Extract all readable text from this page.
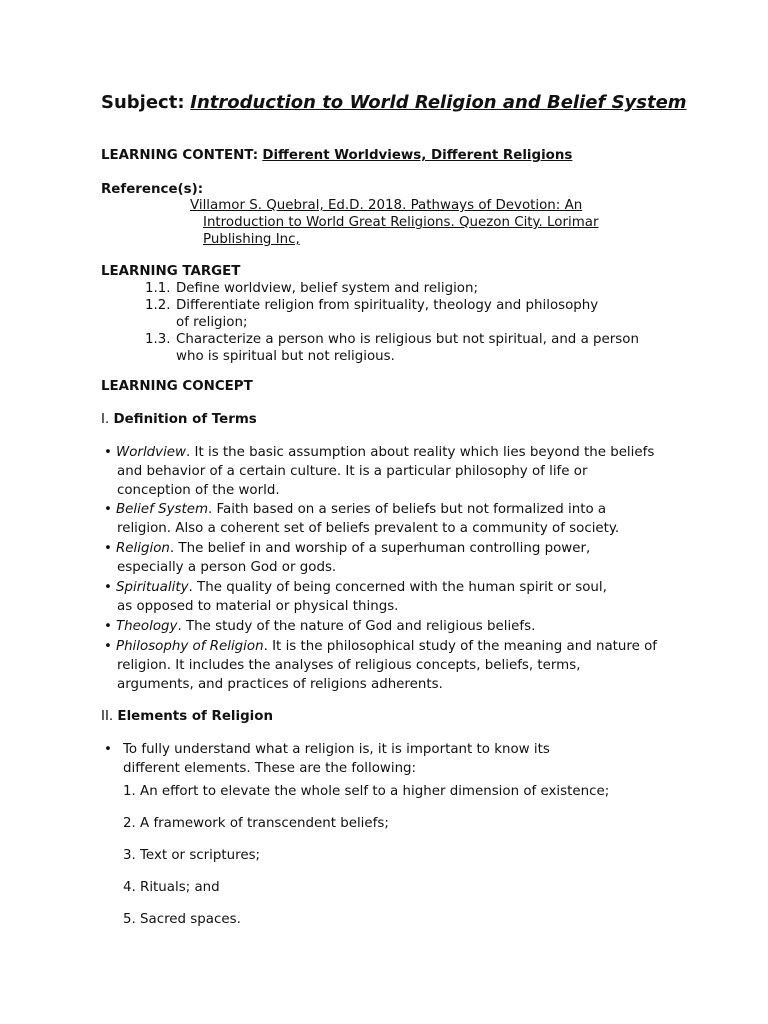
Subject: Introduction to World Religion and Belief System
LEARNING CONTENT: Different Worldviews, Different Religions
Reference(s):
Villamor S. Quebral, Ed.D. 2018. Pathways of Devotion: An
Introduction to World Great Religions. Quezon City. Lorimar
Publishing Inc,
LEARNING TARGET
1.1. Define worldview, belief system and religion;
1.2. Differentiate religion from spirituality, theology and philosophy
of religion;
1.3. Characterize a person who is religious but not spiritual, and a person
who is spiritual but not religious.
LEARNING CONCEPT
I. Definition of Terms
• Worldview. It is the basic assumption about reality which lies beyond the beliefs
and behavior of a certain culture. It is a particular philosophy of life or
conception of the world.
• Belief System. Faith based on a series of beliefs but not formalized into a
religion. Also a coherent set of beliefs prevalent to a community of society.
• Religion. The belief in and worship of a superhuman controlling power,
especially a person God or gods.
• Spirituality. The quality of being concerned with the human spirit or soul,
as opposed to material or physical things.
• Theology. The study of the nature of God and religious beliefs.
• Philosophy of Religion. It is the philosophical study of the meaning and nature of
religion. It includes the analyses of religious concepts, beliefs, terms,
arguments, and practices of religions adherents.
II. Elements of Religion
• To fully understand what a religion is, it is important to know its
different elements. These are the following:
1. An effort to elevate the whole self to a higher dimension of existence;
2. A framework of transcendent beliefs;
3. Text or scriptures;
4. Rituals; and
5. Sacred spaces.
